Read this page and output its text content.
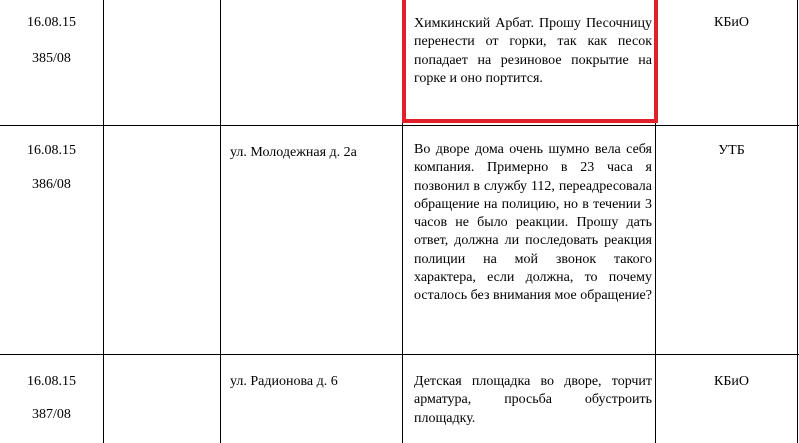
16.08.15
385/08
Химкинский Арбат. Прошу Песочницу перенести от горки, так как песок попадает на резиновое покрытие на горке и оно портится.
КБиО
16.08.15
386/08
ул. Молодежная д. 2а	Во дворе дома очень шумно вела себя компания. Примерно в 23 часа я позвонил в службу 112, переадресовала обращение на полицию, но в течении 3 часов не было реакции. Прошу дать ответ, должна ли последовать реакция полиции на мой звонок такого характера, если должна, то почему осталось без внимания мое обращение?
УТБ
16.08.15
387/08
ул. Радионова д. 6	Детская площадка во дворе, торчит арматура, просьба обустроить площадку.
КБиО
